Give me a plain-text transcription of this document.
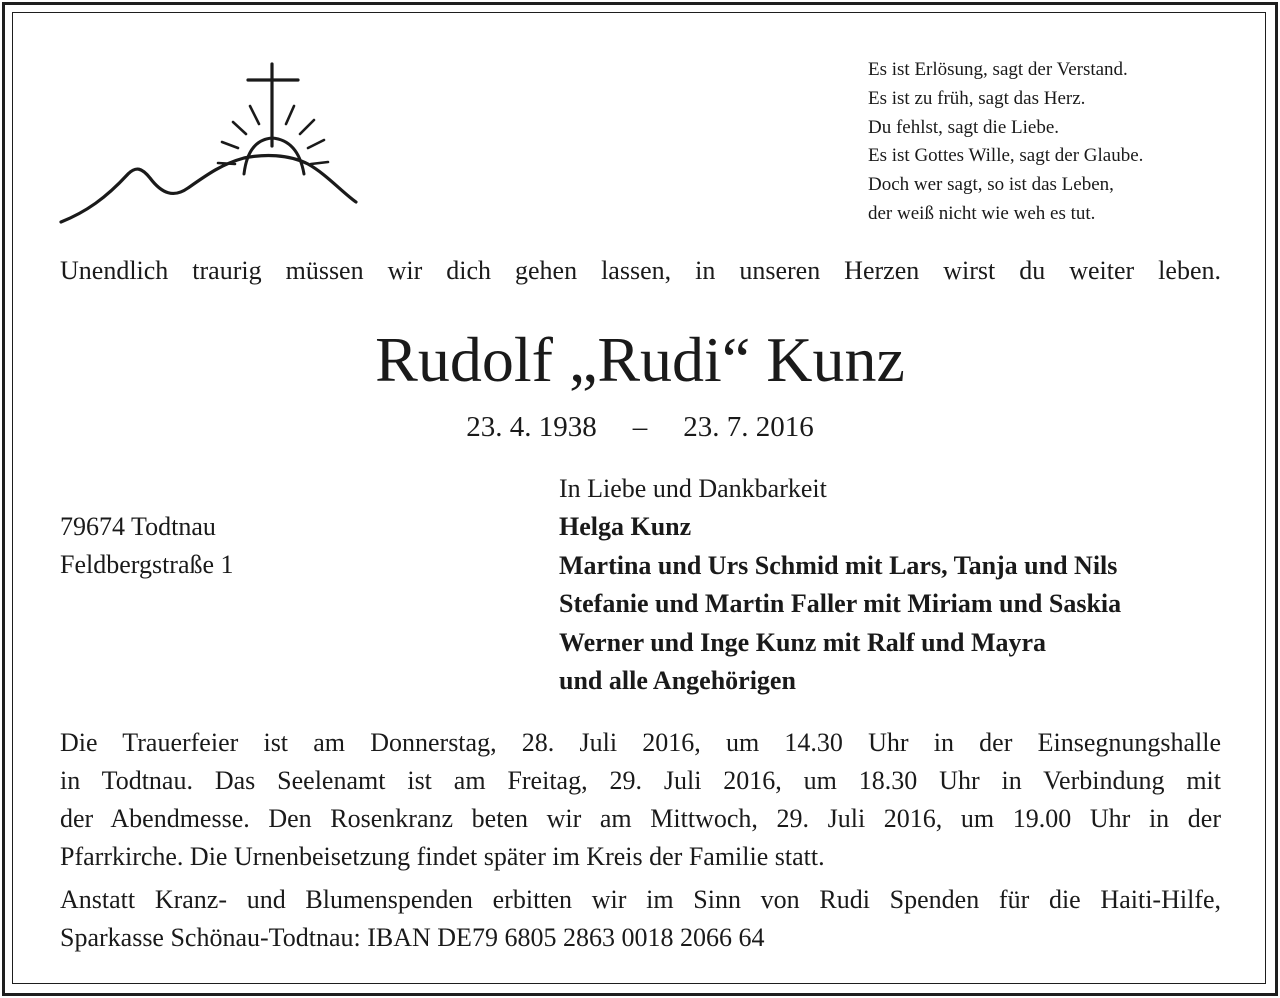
Es ist Erlösung, sagt der Verstand.
Es ist zu früh, sagt das Herz.
Du fehlst, sagt die Liebe.
Es ist Gottes Wille, sagt der Glaube.
Doch wer sagt, so ist das Leben,
der weiß nicht wie weh es tut.
Unendlich traurig müssen wir dich gehen lassen, in unseren Herzen wirst du weiter leben.
Rudolf „Rudi“ Kunz
23. 4. 1938 – 23. 7. 2016
79674 Todtnau
Feldbergstraße 1
In Liebe und Dankbarkeit
Helga Kunz
Martina und Urs Schmid mit Lars, Tanja und Nils
Stefanie und Martin Faller mit Miriam und Saskia
Werner und Inge Kunz mit Ralf und Mayra
und alle Angehörigen
Die Trauerfeier ist am Donnerstag, 28. Juli 2016, um 14.30 Uhr in der Einsegnungshalle
in Todtnau. Das Seelenamt ist am Freitag, 29. Juli 2016, um 18.30 Uhr in Verbindung mit
der Abendmesse. Den Rosenkranz beten wir am Mittwoch, 29. Juli 2016, um 19.00 Uhr in der
Pfarrkirche. Die Urnenbeisetzung findet später im Kreis der Familie statt.
Anstatt Kranz- und Blumenspenden erbitten wir im Sinn von Rudi Spenden für die Haiti-Hilfe,
Sparkasse Schönau-Todtnau: IBAN DE79 6805 2863 0018 2066 64
